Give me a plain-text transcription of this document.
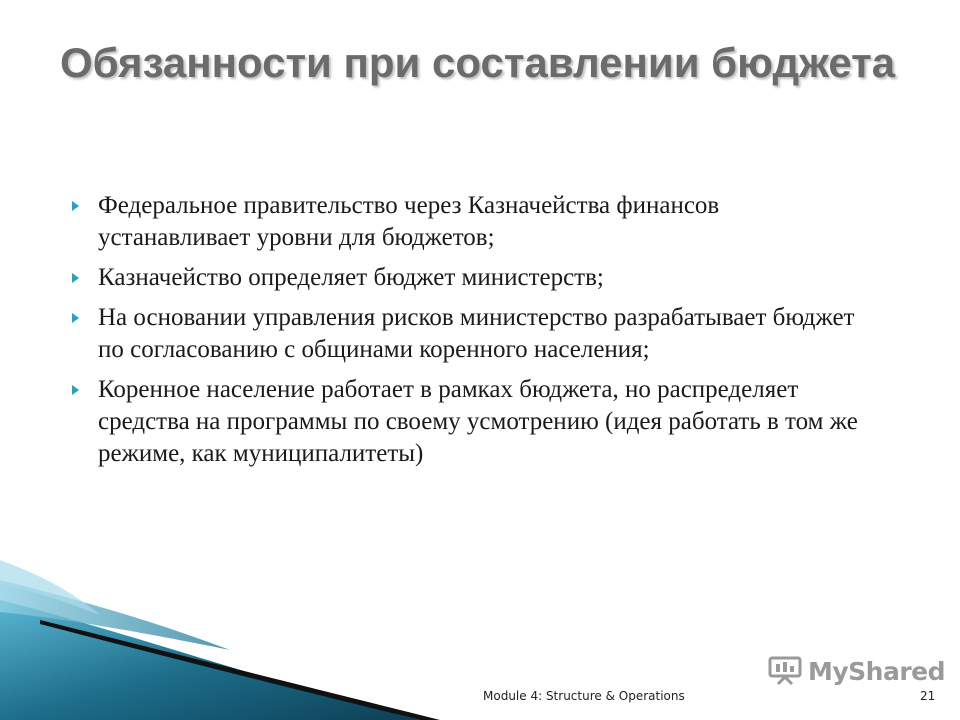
Обязанности при составлении бюджета
Федеральное правительство через Казначейства финансов устанавливает уровни для бюджетов;
Казначейство определяет бюджет министерств;
На основании управления рисков министерство разрабатывает бюджет по согласованию с общинами коренного населения;
Коренное население работает в рамках бюджета, но распределяет средства на программы по своему усмотрению (идея работать в том же режиме, как муниципалитеты)
MyShared
Module 4: Structure & Operations	21
